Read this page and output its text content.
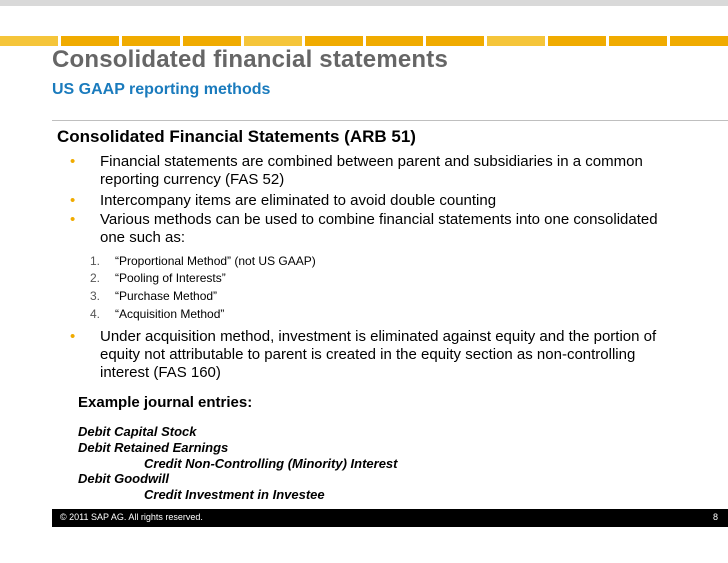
Consolidated financial statements
US GAAP reporting methods
Consolidated Financial Statements (ARB 51)
• Financial statements are combined between parent and subsidiaries in a common reporting currency (FAS 52)
• Intercompany items are eliminated to avoid double counting
• Various methods can be used to combine financial statements into one consolidated one such as:
• Under acquisition method, investment is eliminated against equity and the portion of equity not attributable to parent is created in the equity section as non-controlling interest (FAS 160)
1. “Proportional Method” (not US GAAP)
2. “Pooling of Interests”
3. “Purchase Method”
4. “Acquisition Method”
Example journal entries:
Debit Capital Stock
Debit Retained Earnings
Credit Non-Controlling (Minority) Interest
Debit Goodwill
Credit Investment in Investee
© 2011 SAP AG. All rights reserved.	8
